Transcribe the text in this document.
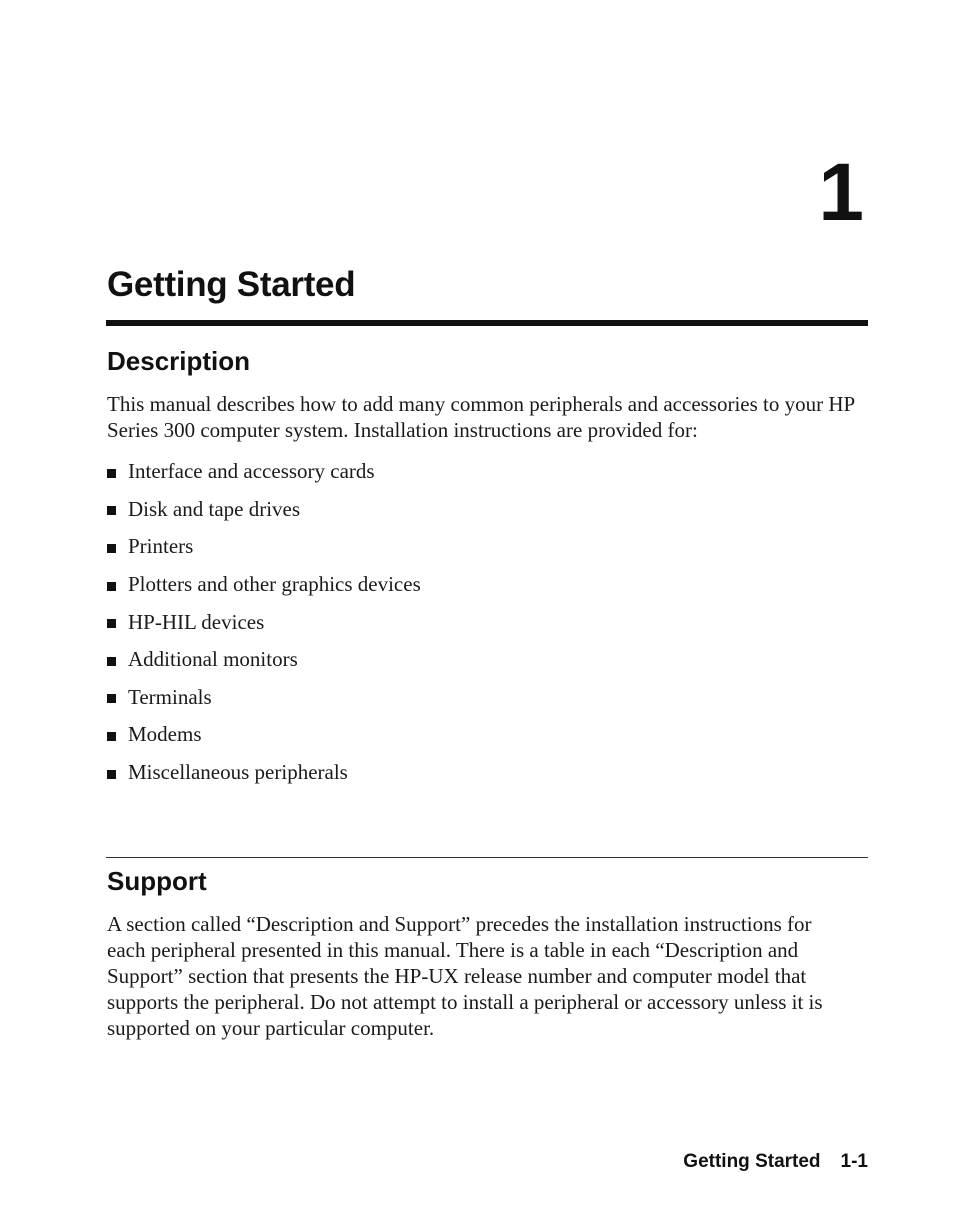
1
Getting Started
Description

This manual describes how to add many common peripherals and accessories to your HP Series 300 computer system. Installation instructions are provided for:

Interface and accessory cards
Disk and tape drives
Printers
Plotters and other graphics devices
HP-HIL devices
Additional monitors
Terminals
Modems
Miscellaneous peripherals
Support

A section called “Description and Support” precedes the installation instructions for each peripheral presented in this manual. There is a table in each “Description and Support” section that presents the HP-UX release number and computer model that supports the peripheral. Do not attempt to install a peripheral or accessory unless it is supported on your particular computer.

Getting Started 1-1
